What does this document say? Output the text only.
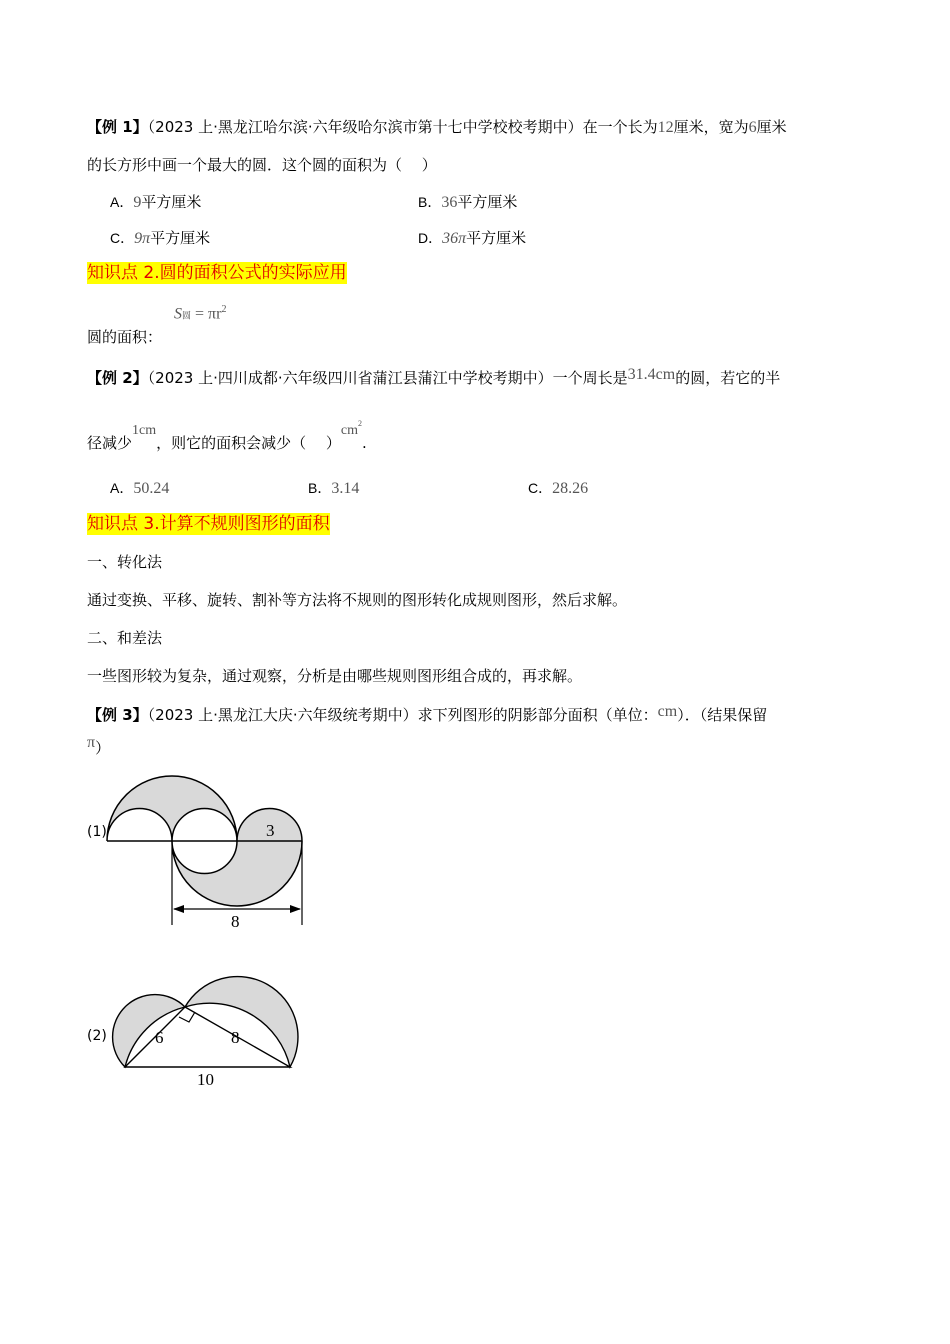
【例 1】（2023 上·黑龙江哈尔滨·六年级哈尔滨市第十七中学校校考期中）在一个长为12厘米，宽为6厘米
的长方形中画一个最大的圆．这个圆的面积为（　 ）
A．9平方厘米	B．36平方厘米
C．9π平方厘米	D．36π平方厘米
知识点 2.圆的面积公式的实际应用
圆的面积：
S圆 = $\pi r^2$
【例 2】（2023 上·四川成都·六年级四川省蒲江县蒲江中学校考期中）一个周长是31.4cm的圆，若它的半
径减少1cm，则它的面积会减少（　 ）$cm^2$.
A．50.24	B．3.14	C．28.26
知识点 3.计算不规则图形的面积
一、转化法
通过变换、平移、旋转、割补等方法将不规则的图形转化成规则图形，然后求解。
二、和差法
一些图形较为复杂，通过观察，分析是由哪些规则图形组合成的，再求解。
【例 3】（2023 上·黑龙江大庆·六年级统考期中）求下列图形的阴影部分面积（单位：cm）．（结果保留
π）
(1)	3
8
(2)	6	8
10
